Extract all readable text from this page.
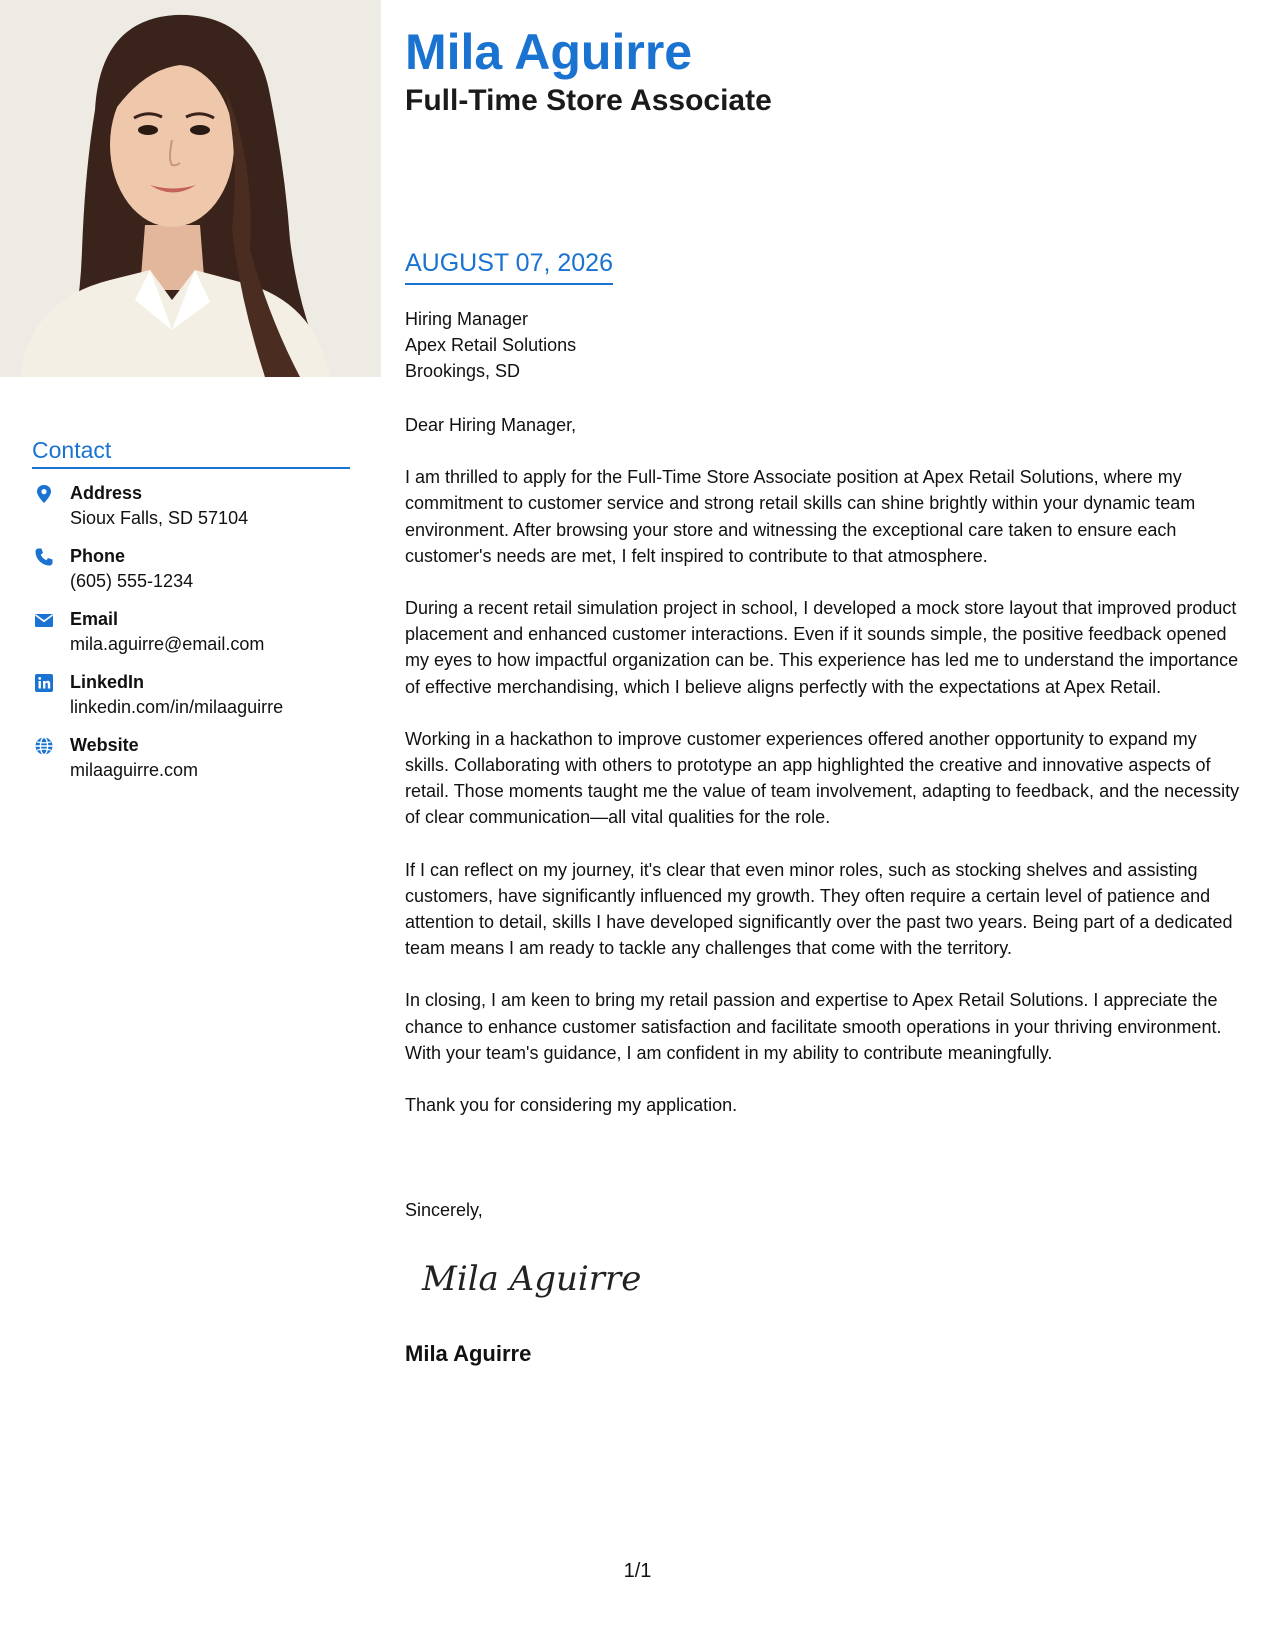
Mila Aguirre
Full-Time Store Associate
AUGUST 07, 2026
Hiring Manager
Apex Retail Solutions
Brookings, SD
Contact
Address
Sioux Falls, SD 57104
Phone
(605) 555-1234
Email
mila.aguirre@email.com
LinkedIn
linkedin.com/in/milaaguirre
Website
milaaguirre.com

Dear Hiring Manager,

I am thrilled to apply for the Full-Time Store Associate position at Apex Retail Solutions, where my commitment to customer service and strong retail skills can shine brightly within your dynamic team environment. After browsing your store and witnessing the exceptional care taken to ensure each customer's needs are met, I felt inspired to contribute to that atmosphere.

During a recent retail simulation project in school, I developed a mock store layout that improved product placement and enhanced customer interactions. Even if it sounds simple, the positive feedback opened my eyes to how impactful organization can be. This experience has led me to understand the importance of effective merchandising, which I believe aligns perfectly with the expectations at Apex Retail.

Working in a hackathon to improve customer experiences offered another opportunity to expand my skills. Collaborating with others to prototype an app highlighted the creative and innovative aspects of retail. Those moments taught me the value of team involvement, adapting to feedback, and the necessity of clear communication—all vital qualities for the role.

If I can reflect on my journey, it's clear that even minor roles, such as stocking shelves and assisting customers, have significantly influenced my growth. They often require a certain level of patience and attention to detail, skills I have developed significantly over the past two years. Being part of a dedicated team means I am ready to tackle any challenges that come with the territory.

In closing, I am keen to bring my retail passion and expertise to Apex Retail Solutions. I appreciate the chance to enhance customer satisfaction and facilitate smooth operations in your thriving environment. With your team's guidance, I am confident in my ability to contribute meaningfully.

Thank you for considering my application.

Sincerely,
Mila Aguirre
Mila Aguirre
1/1
